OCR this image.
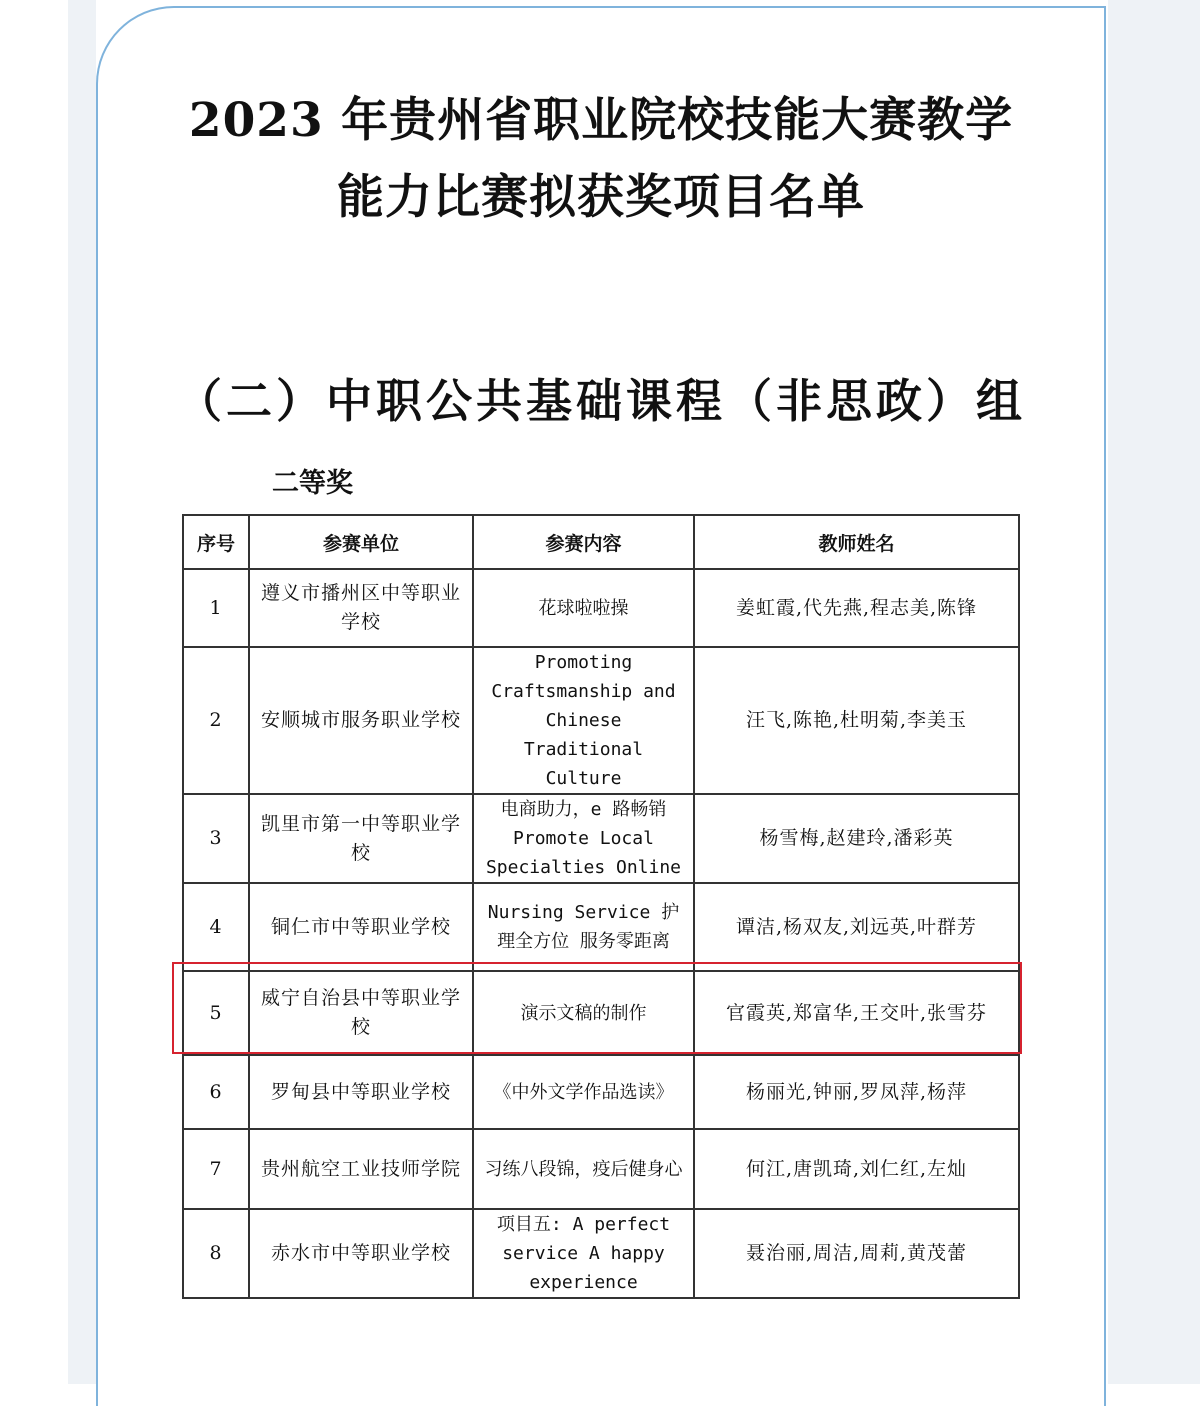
2023 年贵州省职业院校技能大赛教学
能力比赛拟获奖项目名单
（二）中职公共基础课程（非思政）组
二等奖
序号	参赛单位	参赛内容	教师姓名
1	遵义市播州区中等职业学校	花球啦啦操	姜虹霞,代先燕,程志美,陈锋
2	安顺城市服务职业学校	Promoting Craftsmanship and Chinese Traditional Culture	汪飞,陈艳,杜明菊,李美玉
3	凯里市第一中等职业学校	电商助力，e 路畅销 Promote Local Specialties Online	杨雪梅,赵建玲,潘彩英
4	铜仁市中等职业学校	Nursing Service 护理全方位 服务零距离	谭洁,杨双友,刘远英,叶群芳
5	威宁自治县中等职业学校	演示文稿的制作	官霞英,郑富华,王交叶,张雪芬
6	罗甸县中等职业学校	《中外文学作品选读》	杨丽光,钟丽,罗凤萍,杨萍
7	贵州航空工业技师学院	习练八段锦，疫后健身心	何江,唐凯琦,刘仁红,左灿
8	赤水市中等职业学校	项目五: A perfect service A happy experience	聂治丽,周洁,周莉,黄茂蕾
